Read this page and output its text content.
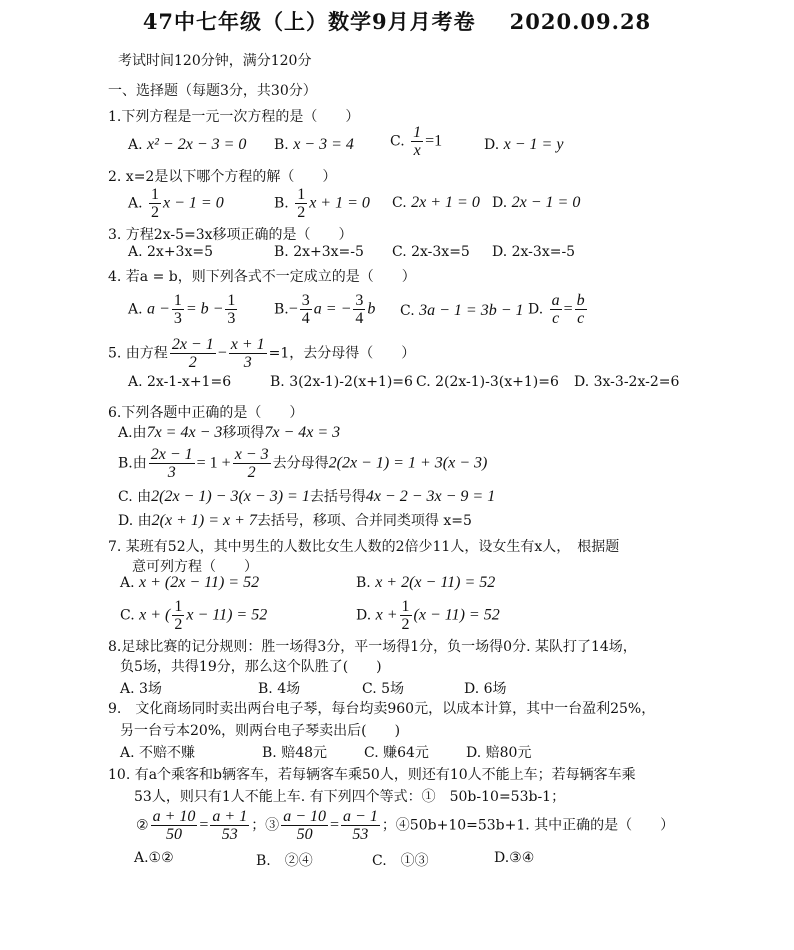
47中七年级（上）数学9月月考卷 2020.09.28
考试时间120分钟，满分120分
一、选择题（每题3分，共30分）
1.下列方程是一元一次方程的是（　　）
A. x² − 2x − 3 = 0 B. x − 3 = 4	C. $\frac{1}{x} =1$	D. x − 1 = y
2. x=2是以下哪个方程的解（　　）
A. $\frac{1}{2}$ x − 1 = 0	B. $\frac{1}{2}$ x + 1 = 0 C. 2x + 1 = 0 D. 2x − 1 = 0
3. 方程2x-5=3x移项正确的是（　　）
A. 2x+3x=5	B. 2x+3x=-5 C. 2x-3x=5 D. 2x-3x=-5
4. 若a = b，则下列各式不一定成立的是（　　）
A. $a - \frac{1}{3} = b - \frac{1}{3}$	$B.- \frac{3}{4}$ a = − $\frac{3}{4}$ b C. 3a − 1 = 3b − 1 D. $\frac{a}{c} = \frac{b}{c}$
5. 由方程 $\frac{2x - 1}{2} - \frac{x + 1}{3} =1$，去分母得（　　）
A. 2x-1-x+1=6	B. 3(2x-1)-2(x+1)=6 C. 2(2x-1)-3(x+1)=6 D. 3x-3-2x-2=6
6.下列各题中正确的是（　　）
A.由7x = 4x − 3移项得7x − 4x = 3
B.由 $\frac{2x - 1}{3} = 1 + \frac{x - 3}{2}$ 去分母得2(2x − 1) = 1 + 3(x − 3)
C. 由2(2x − 1) − 3(x − 3) = 1去括号得4x − 2 − 3x − 9 = 1
D. 由2(x + 1) = x + 7去括号，移项、合并同类项得 x=5
7. 某班有52人，其中男生的人数比女生人数的2倍少11人，设女生有x人，　根据题
意可列方程（　　）
A. x + (2x − 11) = 52	B. x + 2(x − 11) = 52
C. x + ( $\frac{1}{2}$ x − 11) = 52	D. $x + \frac{1}{2} (x - 11) = 52$
8.足球比赛的记分规则：胜一场得3分，平一场得1分，负一场得0分. 某队打了14场，
负5场，共得19分，那么这个队胜了(　　)
A. 3场	B. 4场	C. 5场	D. 6场
9.　文化商场同时卖出两台电子琴，每台均卖960元，以成本计算，其中一台盈利25%，
另一台亏本20%，则两台电子琴卖出后(　　)
A. 不赔不赚	B. 赔48元	C. 赚64元	D. 赔80元
10. 有a个乘客和b辆客车，若每辆客车乘50人，则还有10人不能上车；若每辆客车乘
53人，则只有1人不能上车. 有下列四个等式：①　50b-10=53b-1；
② $\frac{a + 10}{50} = \frac{a + 1}{53}$ ；③ $\frac{a - 10}{50} = \frac{a - 1}{53}$ ；④50b+10=53b+1. 其中正确的是（　　）
A.①②	B.　②④	C.　①③	D.③④
